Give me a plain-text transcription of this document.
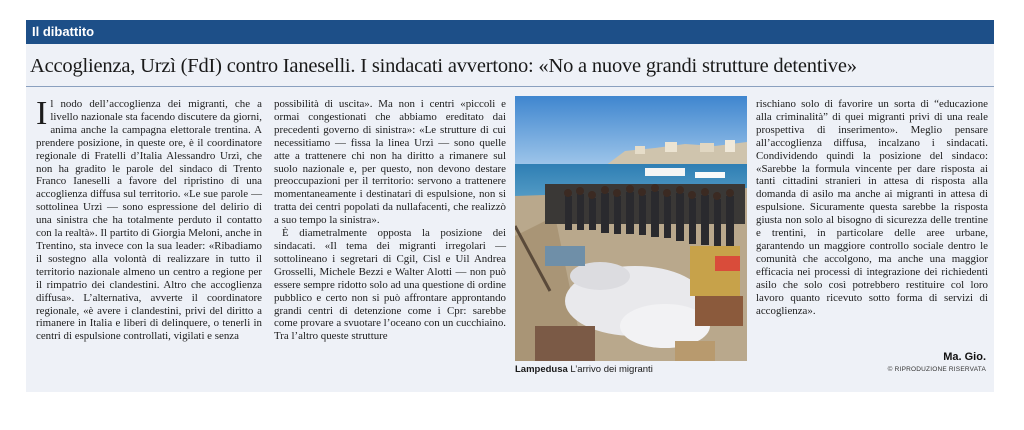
Il dibattito
Accoglienza, Urzì (FdI) contro Ianeselli. I sindacati avvertono: «No a nuove grandi strutture detentive»

Il nodo dell’accoglienza dei migranti, che a livello nazionale sta facendo discutere da giorni, anima anche la campagna elettorale trentina. A prendere posizione, in queste ore, è il coordinatore regionale di Fratelli d’Italia Alessandro Urzì, che non ha gradito le parole del sindaco di Trento Franco Ianeselli a favore del ripristino di una accoglienza diffusa sul territorio. «Le sue parole — sottolinea Urzì — sono espressione del delirio di una sinistra che ha totalmente perduto il contatto con la realtà». Il partito di Giorgia Meloni, anche in Trentino, sta invece con la sua leader: «Ribadiamo il sostegno alla volontà di realizzare in tutto il territorio nazionale almeno un centro a regione per il rimpatrio dei clandestini. Altro che accoglienza diffusa». L’alternativa, avverte il coordinatore regionale, «è avere i clandestini, privi del diritto a rimanere in Italia e liberi di delinquere, o tenerli in centri di espulsione controllati, vigilati e senza

possibilità di uscita». Ma non i centri «piccoli e ormai congestionati che abbiamo ereditato dai precedenti governo di sinistra»: «Le strutture di cui necessitiamo — fissa la linea Urzì — sono quelle atte a trattenere chi non ha diritto a rimanere sul suolo nazionale e, per questo, non devono destare preoccupazioni per il territorio: servono a trattenere momentaneamente i destinatari di espulsione, non si tratta dei centri popolati da nullafacenti, che realizzò a suo tempo la sinistra».

È diametralmente opposta la posizione dei sindacati. «Il tema dei migranti irregolari — sottolineano i segretari di Cgil, Cisl e Uil Andrea Grosselli, Michele Bezzi e Walter Alotti — non può essere sempre ridotto solo ad una questione di ordine pubblico e certo non si può affrontare approntando grandi centri di detenzione come i Cpr: sarebbe come provare a svuotare l’oceano con un cucchiaino. Tra l’altro queste strutture

Lampedusa L’arrivo dei migranti

rischiano solo di favorire un sorta di “educazione alla criminalità” di quei migranti privi di una reale prospettiva di inserimento». Meglio pensare all’accoglienza diffusa, incalzano i sindacati. Condividendo quindi la posizione del sindaco: «Sarebbe la formula vincente per dare risposta ai tanti cittadini stranieri in attesa di risposta alla domanda di asilo ma anche ai migranti in attesa di espulsione. Sicuramente questa sarebbe la risposta giusta non solo al bisogno di sicurezza delle trentine e trentini, in particolare delle aree urbane, garantendo un maggiore controllo sociale dentro le comunità che accolgono, ma anche una maggior efficacia nei processi di integrazione dei richiedenti asilo che solo così potrebbero restituire col loro lavoro quanto ricevuto sotto forma di servizi di accoglienza».

Ma. Gio.
© RIPRODUZIONE RISERVATA
